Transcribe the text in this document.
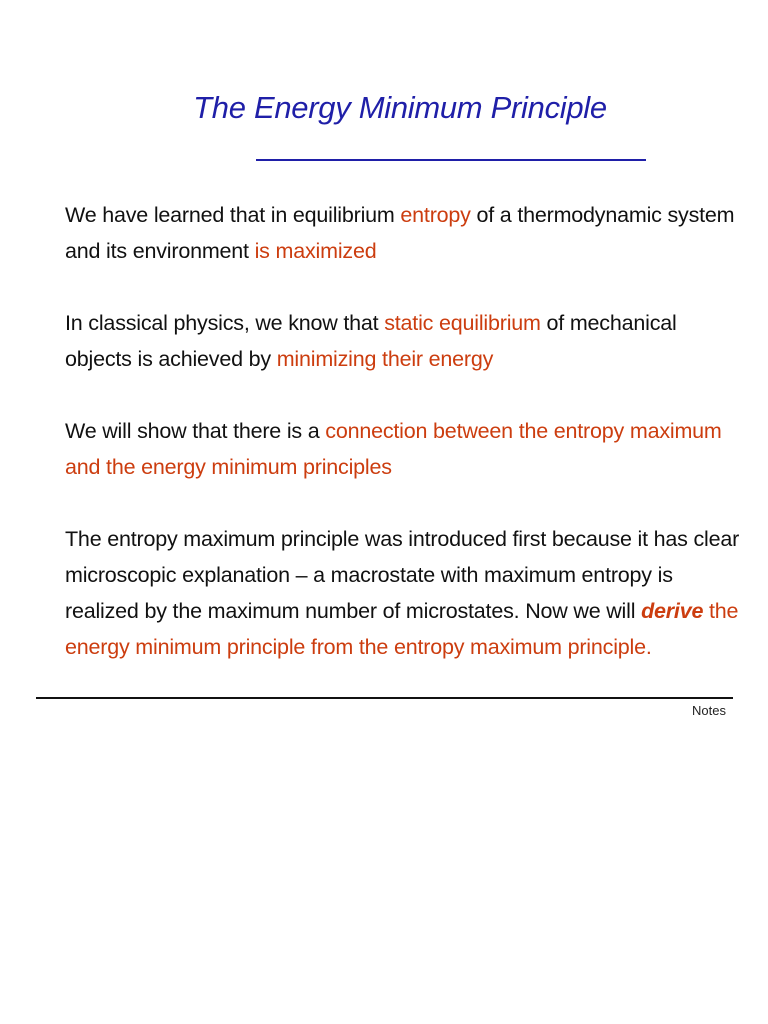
The Energy Minimum Principle

We have learned that in equilibrium entropy of a thermodynamic system and its environment is maximized

In classical physics, we know that static equilibrium of mechanical objects is achieved by minimizing their energy

We will show that there is a connection between the entropy maximum and the energy minimum principles

The entropy maximum principle was introduced first because it has clear microscopic explanation – a macrostate with maximum entropy is realized by the maximum number of microstates. Now we will derive the energy minimum principle from the entropy maximum principle.

Notes
